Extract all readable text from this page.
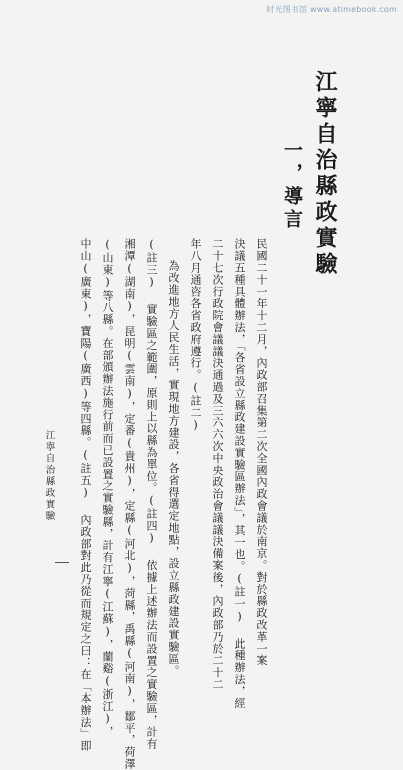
时光图书馆 www.atimebook.com
江寧自治縣政實驗
一，導言
民國二十一年十二月，內政部召集第二次全國內政會議於南京。對於縣政改革一案
決議五種具體辦法，「各省設立縣政建設實驗區辦法」，其一也。(註一) 此種辦法，經
二十七次行政院會議議決通過及三六六次中央政治會議議決備案後，內政部乃於二十二
年八月通咨各省政府遵行。(註二)
為改進地方人民生活，實現地方建設，各省得選定地點，設立縣政建設實驗區。
(註三) 實驗區之範圍，原則上以縣為單位。(註四) 依據上述辦法而設置之實驗區，計有
湘潭(湖南)，昆明(雲南)，定番(貴州)，定縣(河北)，菏縣，禹縣(河南)，鄒平，荷澤
(山東)等八縣。在部頒辦法施行前而已設置之實驗縣，計有江寧(江蘇)，蘭谿(浙江)，
中山(廣東)，寶陽(廣西)等四縣。(註五) 內政部對此乃從而規定之曰：在「本辦法」即
江寧自治縣政實驗
